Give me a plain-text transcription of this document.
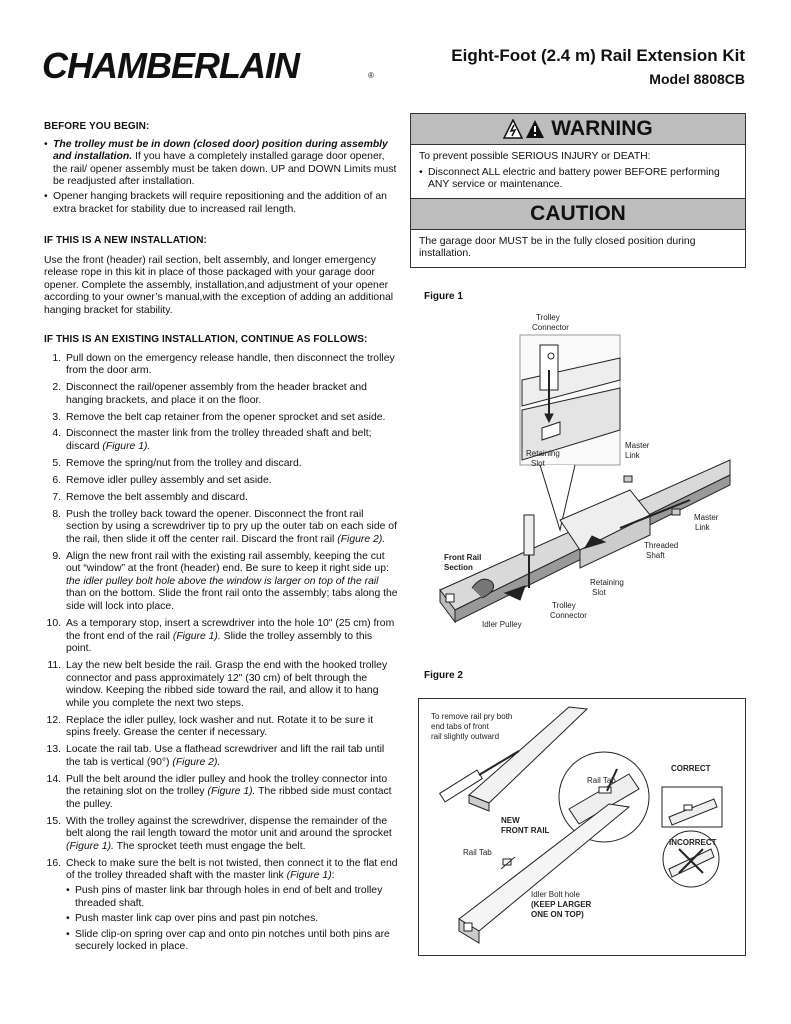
CHAMBERLAIN	®
Eight-Foot (2.4 m) Rail Extension Kit
Model 8808CB
BEFORE YOU BEGIN:
• The trolley must be in down (closed door) position during assembly and installation. If you have a completely installed garage door opener, the rail/ opener assembly must be taken down. UP and DOWN Limits must be readjusted after installation.
• Opener hanging brackets will require repositioning and the addition of an extra bracket for stability due to increased rail length.
IF THIS IS A NEW INSTALLATION:
Use the front (header) rail section, belt assembly, and longer emergency release rope in this kit in place of those packaged with your garage door opener. Complete the assembly, installation,and adjustment of your opener according to your owner’s manual,with the exception of adding an additional hanging bracket for stability.
IF THIS IS AN EXISTING INSTALLATION, CONTINUE AS FOLLOWS:
1. Pull down on the emergency release handle, then disconnect the trolley from the door arm.
2. Disconnect the rail/opener assembly from the header bracket and hanging brackets, and place it on the floor.
3. Remove the belt cap retainer from the opener sprocket and set aside.
4. Disconnect the master link from the trolley threaded shaft and belt; discard (Figure 1).
5. Remove the spring/nut from the trolley and discard.
6. Remove idler pulley assembly and set aside.
7. Remove the belt assembly and discard.
8. Push the trolley back toward the opener. Disconnect the front rail section by using a screwdriver tip to pry up the outer tab on each side of the rail, then slide it off the center rail. Discard the front rail (Figure 2).
9. Align the new front rail with the existing rail assembly, keeping the cut out “window” at the front (header) end. Be sure to keep it right side up: the idler pulley bolt hole above the window is larger on top of the rail than on the bottom. Slide the front rail onto the assembly; tabs along the side will lock into place.
10. As a temporary stop, insert a screwdriver into the hole 10" (25 cm) from the front end of the rail (Figure 1). Slide the trolley assembly to this point.
11. Lay the new belt beside the rail. Grasp the end with the hooked trolley connector and pass approximately 12" (30 cm) of belt through the window. Keeping the ribbed side toward the rail, and allow it to hang while you complete the next two steps.
12. Replace the idler pulley, lock washer and nut. Rotate it to be sure it spins freely. Grease the center if necessary.
13. Locate the rail tab. Use a flathead screwdriver and lift the rail tab until the tab is vertical (90°) (Figure 2).
14. Pull the belt around the idler pulley and hook the trolley connector into the retaining slot on the trolley (Figure 1). The ribbed side must contact the pulley.
15. With the trolley against the screwdriver, dispense the remainder of the belt along the rail length toward the motor unit and around the sprocket (Figure 1). The sprocket teeth must engage the belt.
16. Check to make sure the belt is not twisted, then connect it to the flat end of the trolley threaded shaft with the master link (Figure 1):
• Push pins of master link bar through holes in end of belt and trolley threaded shaft.
• Push master link cap over pins and past pin notches.
• Slide clip-on spring over cap and onto pin notches until both pins are securely locked in place.
WARNING
To prevent possible SERIOUS INJURY or DEATH:
• Disconnect ALL electric and battery power BEFORE performing ANY service or maintenance.
CAUTION
The garage door MUST be in the fully closed position during installation.
Figure 1
Trolley
Connector
Retaining
Slot
Master
Link
Master
Link
Threaded
Shaft
Front Rail
Section
Retaining
Slot
Trolley
Connector
Idler Pulley
Figure 2
To remove rail pry both
end tabs of front
rail slightly outward
Rail Tab
CORRECT
NEW
FRONT RAIL
INCORRECT
Rail Tab
Idler Bolt hole
(KEEP LARGER
ONE ON TOP)
